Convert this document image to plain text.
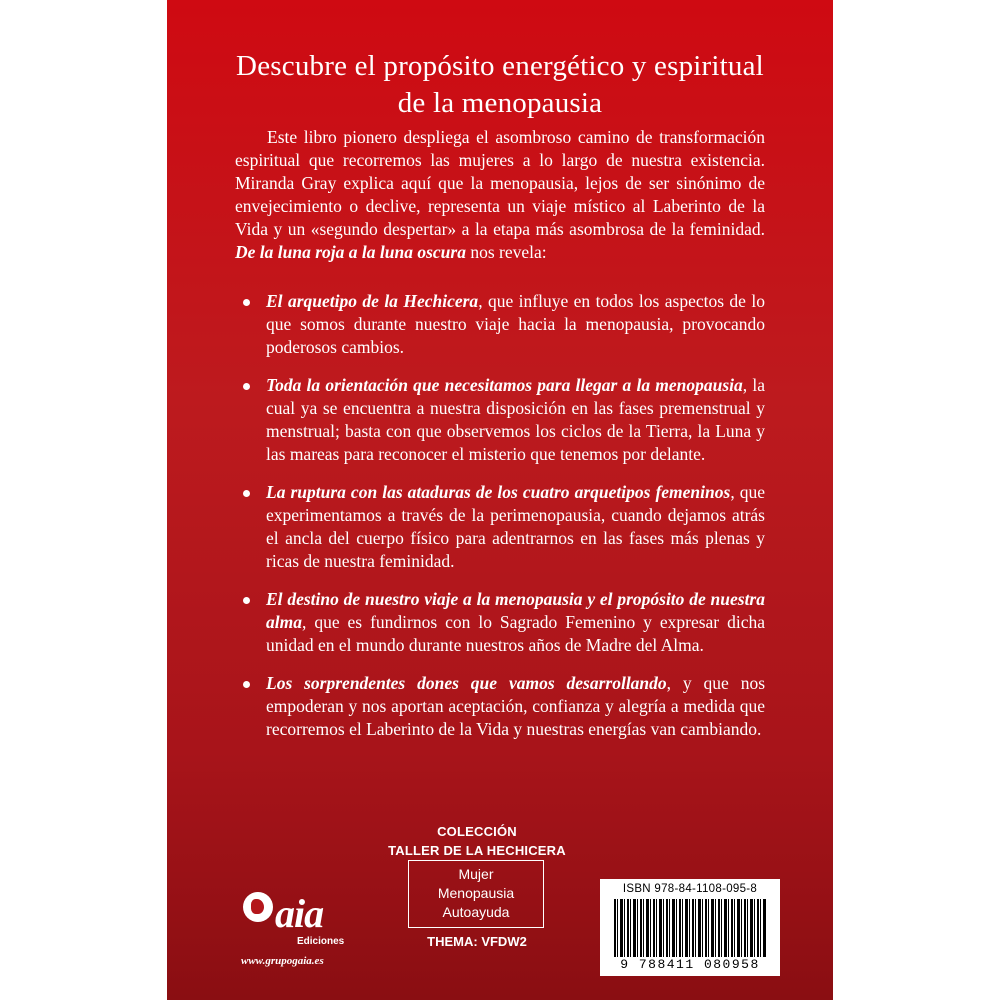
Descubre el propósito energético y espiritual
de la menopausia

Este libro pionero despliega el asombroso camino de transformación espiritual que recorremos las mujeres a lo largo de nuestra existencia. Miranda Gray explica aquí que la menopausia, lejos de ser sinónimo de envejecimiento o declive, representa un viaje místico al Laberinto de la Vida y un «segundo despertar» a la etapa más asombrosa de la feminidad. De la luna roja a la luna oscura nos revela:

El arquetipo de la Hechicera, que influye en todos los aspectos de lo que somos durante nuestro viaje hacia la menopausia, provocando poderosos cambios.
Toda la orientación que necesitamos para llegar a la menopausia, la cual ya se encuentra a nuestra disposición en las fases premenstrual y menstrual; basta con que observemos los ciclos de la Tierra, la Luna y las mareas para reconocer el misterio que tenemos por delante.
La ruptura con las ataduras de los cuatro arquetipos femeninos, que experimentamos a través de la perimenopausia, cuando dejamos atrás el ancla del cuerpo físico para adentrarnos en las fases más plenas y ricas de nuestra feminidad.
El destino de nuestro viaje a la menopausia y el propósito de nuestra alma, que es fundirnos con lo Sagrado Femenino y expresar dicha unidad en el mundo durante nuestros años de Madre del Alma.
Los sorprendentes dones que vamos desarrollando, y que nos empoderan y nos aportan aceptación, confianza y alegría a medida que recorremos el Laberinto de la Vida y nuestras energías van cambiando.
aia
Ediciones
www.grupogaia.es
COLECCIÓN
TALLER DE LA HECHICERA
Mujer
Menopausia
Autoayuda
THEMA: VFDW2
ISBN 978-84-1108-095-8
9 788411 080958
